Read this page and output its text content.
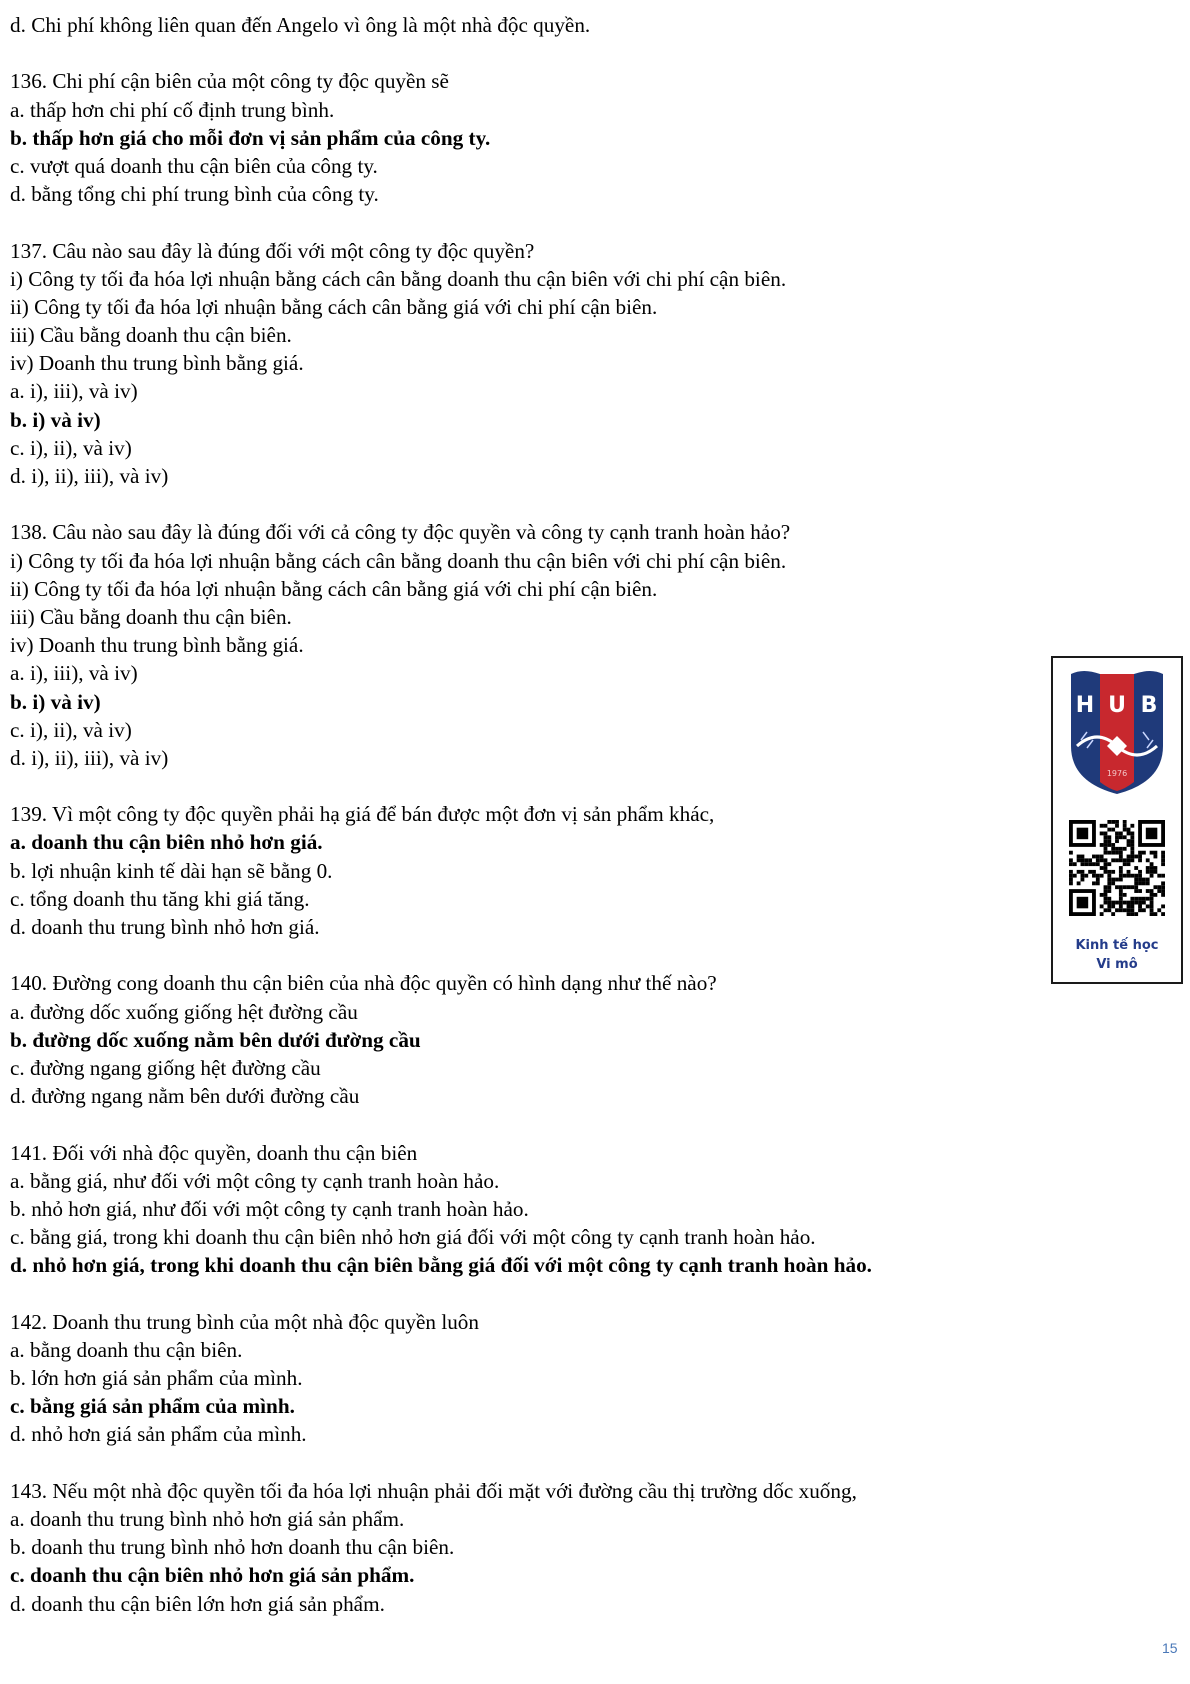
d. Chi phí không liên quan đến Angelo vì ông là một nhà độc quyền.
136. Chi phí cận biên của một công ty độc quyền sẽ
a. thấp hơn chi phí cố định trung bình.
b. thấp hơn giá cho mỗi đơn vị sản phẩm của công ty.
c. vượt quá doanh thu cận biên của công ty.
d. bằng tổng chi phí trung bình của công ty.
137. Câu nào sau đây là đúng đối với một công ty độc quyền?
i) Công ty tối đa hóa lợi nhuận bằng cách cân bằng doanh thu cận biên với chi phí cận biên.
ii) Công ty tối đa hóa lợi nhuận bằng cách cân bằng giá với chi phí cận biên.
iii) Cầu bằng doanh thu cận biên.
iv) Doanh thu trung bình bằng giá.
a. i), iii), và iv)
b. i) và iv)
c. i), ii), và iv)
d. i), ii), iii), và iv)
138. Câu nào sau đây là đúng đối với cả công ty độc quyền và công ty cạnh tranh hoàn hảo?
i) Công ty tối đa hóa lợi nhuận bằng cách cân bằng doanh thu cận biên với chi phí cận biên.
ii) Công ty tối đa hóa lợi nhuận bằng cách cân bằng giá với chi phí cận biên.
iii) Cầu bằng doanh thu cận biên.
iv) Doanh thu trung bình bằng giá.
a. i), iii), và iv)
b. i) và iv)
c. i), ii), và iv)
d. i), ii), iii), và iv)
139. Vì một công ty độc quyền phải hạ giá để bán được một đơn vị sản phẩm khác,
a. doanh thu cận biên nhỏ hơn giá.
b. lợi nhuận kinh tế dài hạn sẽ bằng 0.
c. tổng doanh thu tăng khi giá tăng.
d. doanh thu trung bình nhỏ hơn giá.
140. Đường cong doanh thu cận biên của nhà độc quyền có hình dạng như thế nào?
a. đường dốc xuống giống hệt đường cầu
b. đường dốc xuống nằm bên dưới đường cầu
c. đường ngang giống hệt đường cầu
d. đường ngang nằm bên dưới đường cầu
141. Đối với nhà độc quyền, doanh thu cận biên
a. bằng giá, như đối với một công ty cạnh tranh hoàn hảo.
b. nhỏ hơn giá, như đối với một công ty cạnh tranh hoàn hảo.
c. bằng giá, trong khi doanh thu cận biên nhỏ hơn giá đối với một công ty cạnh tranh hoàn hảo.
d. nhỏ hơn giá, trong khi doanh thu cận biên bằng giá đối với một công ty cạnh tranh hoàn hảo.
142. Doanh thu trung bình của một nhà độc quyền luôn
a. bằng doanh thu cận biên.
b. lớn hơn giá sản phẩm của mình.
c. bằng giá sản phẩm của mình.
d. nhỏ hơn giá sản phẩm của mình.
143. Nếu một nhà độc quyền tối đa hóa lợi nhuận phải đối mặt với đường cầu thị trường dốc xuống,
a. doanh thu trung bình nhỏ hơn giá sản phẩm.
b. doanh thu trung bình nhỏ hơn doanh thu cận biên.
c. doanh thu cận biên nhỏ hơn giá sản phẩm.
d. doanh thu cận biên lớn hơn giá sản phẩm.
H U B
1976
Kinh tế học
Vi mô
15
